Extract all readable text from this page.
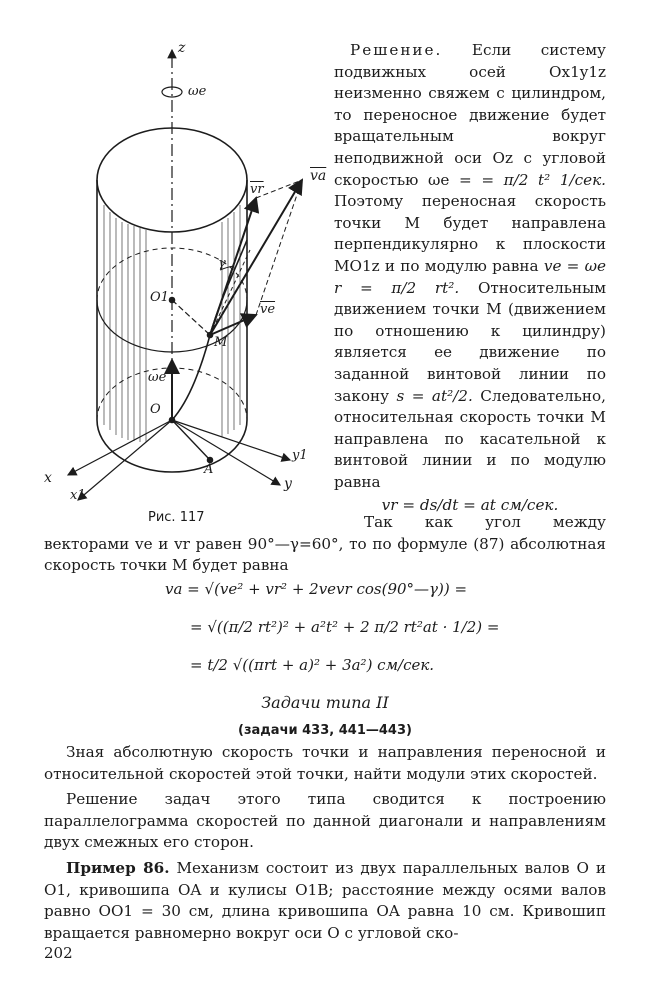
z
ωe
ωe
O1
O
M
A
x
x1
y
y1
$\overline{va}$
$\overline{vr}$
$\overline{ve}$
γ
Рис. 117

Решение. Если систему подвижных осей Ox1y1z неизменно свяжем с цилиндром, то переносное движение будет вращательным вокруг неподвижной оси Oz с угловой скоростью ωe = = π/2 t² 1/сек. Поэтому переносная скорость точки M будет направлена перпендикулярно к плоскости MO1z и по модулю равна ve = ωe r = π/2 rt². Относительным движением точки M (движением по отношению к цилиндру) является ее движение по заданной винтовой линии по закону s = at²/2. Следовательно, относительная скорость точки M направлена по касательной к винтовой линии и по модулю равна

vr = ds/dt = at см/сек.

Так как угол между векторами ve и vr равен 90°—γ=60°, то по формуле (87) абсолютная скорость точки M будет равна

va = √(ve² + vr² + 2vevr cos(90°—γ)) =
= √((π/2 rt²)² + a²t² + 2 π/2 rt²at · 1/2) =
= t/2 √((πrt + a)² + 3a²) см/сек.
Задачи типа II
(задачи 433, 441—443)

Зная абсолютную скорость точки и направления переносной и относительной скоростей этой точки, найти модули этих скоростей.

Решение задач этого типа сводится к построению параллелограмма скоростей по данной диагонали и направлениям двух смежных его сторон.

Пример 86. Механизм состоит из двух параллельных валов O и O1, кривошипа OA и кулисы O1B; расстояние между осями валов равно OO1 = 30 см, длина кривошипа OA равна 10 см. Кривошип вращается равномерно вокруг оси O с угловой ско-

202
